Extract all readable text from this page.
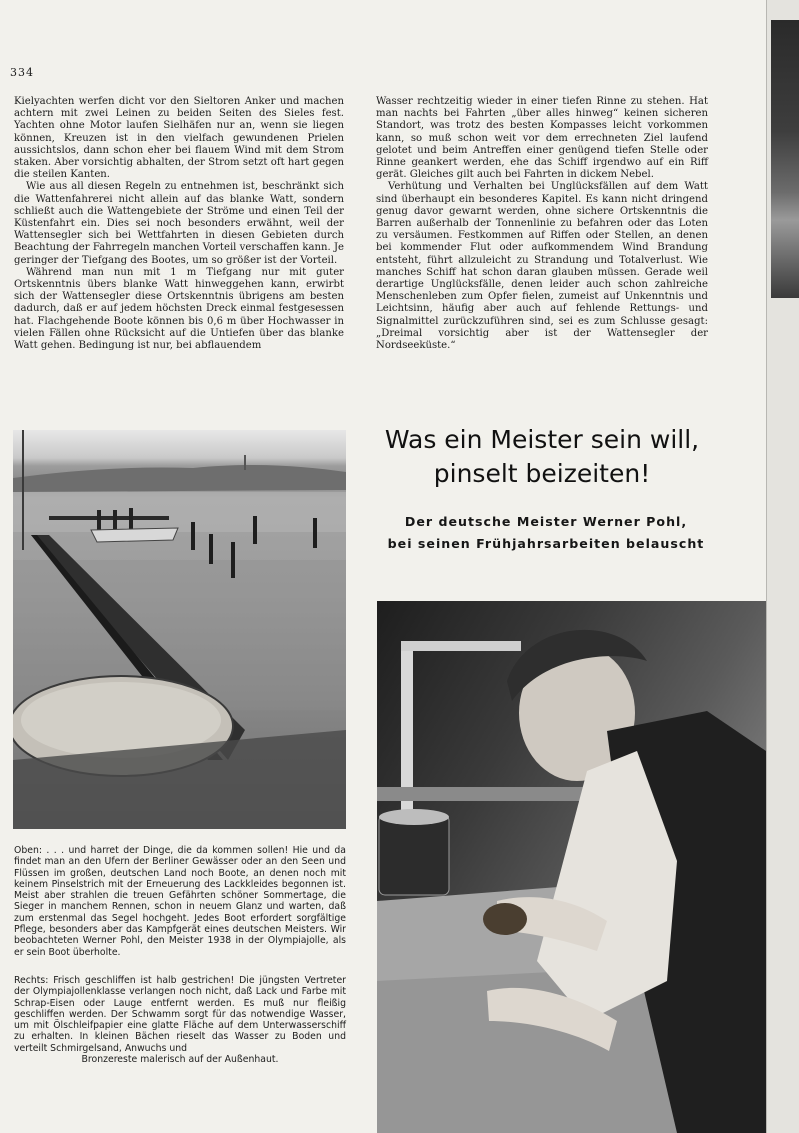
334

Kielyachten werfen dicht vor den Sieltoren Anker und machen achtern mit zwei Leinen zu beiden Seiten des Sieles fest. Yachten ohne Motor laufen Sielhäfen nur an, wenn sie liegen können, Kreuzen ist in den vielfach gewundenen Prielen aussichtslos, dann schon eher bei flauem Wind mit dem Strom staken. Aber vorsichtig abhalten, der Strom setzt oft hart gegen die steilen Kanten.

Wie aus all diesen Regeln zu entnehmen ist, beschränkt sich die Wattenfahrerei nicht allein auf das blanke Watt, sondern schließt auch die Wattengebiete der Ströme und einen Teil der Küstenfahrt ein. Dies sei noch besonders erwähnt, weil der Wattensegler sich bei Wettfahrten in diesen Gebieten durch Beachtung der Fahrregeln manchen Vorteil verschaffen kann. Je geringer der Tiefgang des Bootes, um so größer ist der Vorteil.

Während man nun mit 1 m Tiefgang nur mit guter Ortskenntnis übers blanke Watt hinweggehen kann, erwirbt sich der Wattensegler diese Ortskenntnis übrigens am besten dadurch, daß er auf jedem höchsten Dreck einmal festgesessen hat. Flachgehende Boote können bis 0,6 m über Hochwasser in vielen Fällen ohne Rücksicht auf die Untiefen über das blanke Watt gehen. Bedingung ist nur, bei abflauendem

Wasser rechtzeitig wieder in einer tiefen Rinne zu stehen. Hat man nachts bei Fahrten „über alles hinweg“ keinen sicheren Standort, was trotz des besten Kompasses leicht vorkommen kann, so muß schon weit vor dem errechneten Ziel laufend gelotet und beim Antreffen einer genügend tiefen Stelle oder Rinne geankert werden, ehe das Schiff irgendwo auf ein Riff gerät. Gleiches gilt auch bei Fahrten in dickem Nebel.

Verhütung und Verhalten bei Unglücksfällen auf dem Watt sind überhaupt ein besonderes Kapitel. Es kann nicht dringend genug davor gewarnt werden, ohne sichere Ortskenntnis die Barren außerhalb der Tonnenlinie zu befahren oder das Loten zu versäumen. Festkommen auf Riffen oder Stellen, an denen bei kommender Flut oder aufkommendem Wind Brandung entsteht, führt allzuleicht zu Strandung und Totalverlust. Wie manches Schiff hat schon daran glauben müssen. Gerade weil derartige Unglücksfälle, denen leider auch schon zahlreiche Menschenleben zum Opfer fielen, zumeist auf Unkenntnis und Leichtsinn, häufig aber auch auf fehlende Rettungs- und Signalmittel zurückzuführen sind, sei es zum Schlusse gesagt: „Dreimal vorsichtig aber ist der Wattensegler der Nordseeküste.“

Was ein Meister sein will,
pinselt beizeiten!
Der deutsche Meister Werner Pohl,
bei seinen Frühjahrsarbeiten belauscht
Oben: . . . und harret der Dinge, die da kommen sollen! Hie und da findet man an den Ufern der Berliner Gewässer oder an den Seen und Flüssen im großen, deutschen Land noch Boote, an denen noch mit keinem Pinselstrich mit der Erneuerung des Lackkleides begonnen ist. Meist aber strahlen die treuen Gefährten schöner Sommertage, die Sieger in manchem Rennen, schon in neuem Glanz und warten, daß zum erstenmal das Segel hochgeht. Jedes Boot erfordert sorgfältige Pflege, besonders aber das Kampfgerät eines deutschen Meisters. Wir beobachteten Werner Pohl, den Meister 1938 in der Olympiajolle, als er sein Boot überholte.
Rechts: Frisch geschliffen ist halb gestrichen! Die jüngsten Vertreter der Olympiajollenklasse verlangen noch nicht, daß Lack und Farbe mit Schrap-Eisen oder Lauge entfernt werden. Es muß nur fleißig geschliffen werden. Der Schwamm sorgt für das notwendige Wasser, um mit Ölschleifpapier eine glatte Fläche auf dem Unterwasserschiff zu erhalten. In kleinen Bächen rieselt das Wasser zu Boden und verteilt Schmirgelsand, Anwuchs und
Bronzereste malerisch auf der Außenhaut.
